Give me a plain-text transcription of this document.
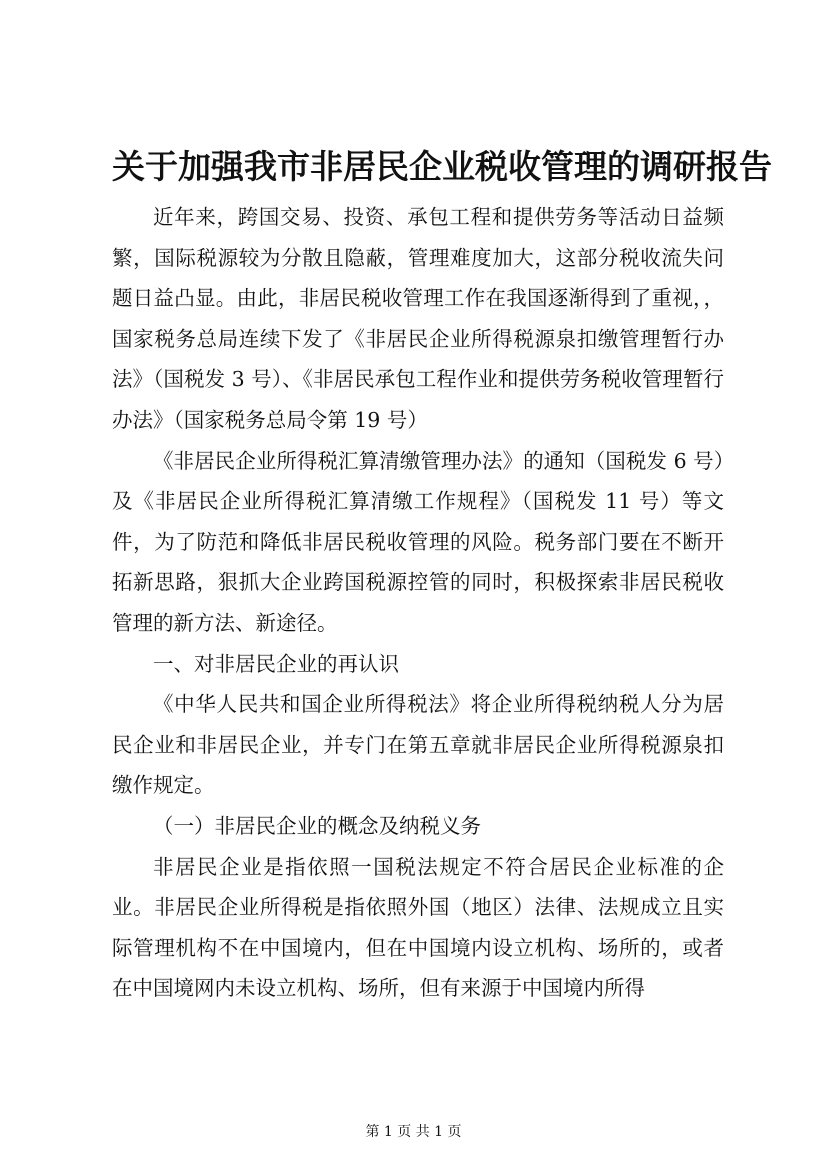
关于加强我市非居民企业税收管理的调研报告

近年来，跨国交易、投资、承包工程和提供劳务等活动日益频繁，国际税源较为分散且隐蔽，管理难度加大，这部分税收流失问题日益凸显。由此，非居民税收管理工作在我国逐渐得到了重视，，国家税务总局连续下发了《非居民企业所得税源泉扣缴管理暂行办法》（国税发 3 号）、《非居民承包工程作业和提供劳务税收管理暂行办法》（国家税务总局令第 19 号）

《非居民企业所得税汇算清缴管理办法》的通知（国税发 6 号）及《非居民企业所得税汇算清缴工作规程》（国税发 11 号）等文件，为了防范和降低非居民税收管理的风险。税务部门要在不断开拓新思路，狠抓大企业跨国税源控管的同时，积极探索非居民税收管理的新方法、新途径。

一、对非居民企业的再认识

《中华人民共和国企业所得税法》将企业所得税纳税人分为居民企业和非居民企业，并专门在第五章就非居民企业所得税源泉扣缴作规定。

（一）非居民企业的概念及纳税义务

非居民企业是指依照一国税法规定不符合居民企业标准的企业。非居民企业所得税是指依照外国（地区）法律、法规成立且实际管理机构不在中国境内，但在中国境内设立机构、场所的，或者在中国境网内未设立机构、场所，但有来源于中国境内所得

第 1 页 共 1 页
